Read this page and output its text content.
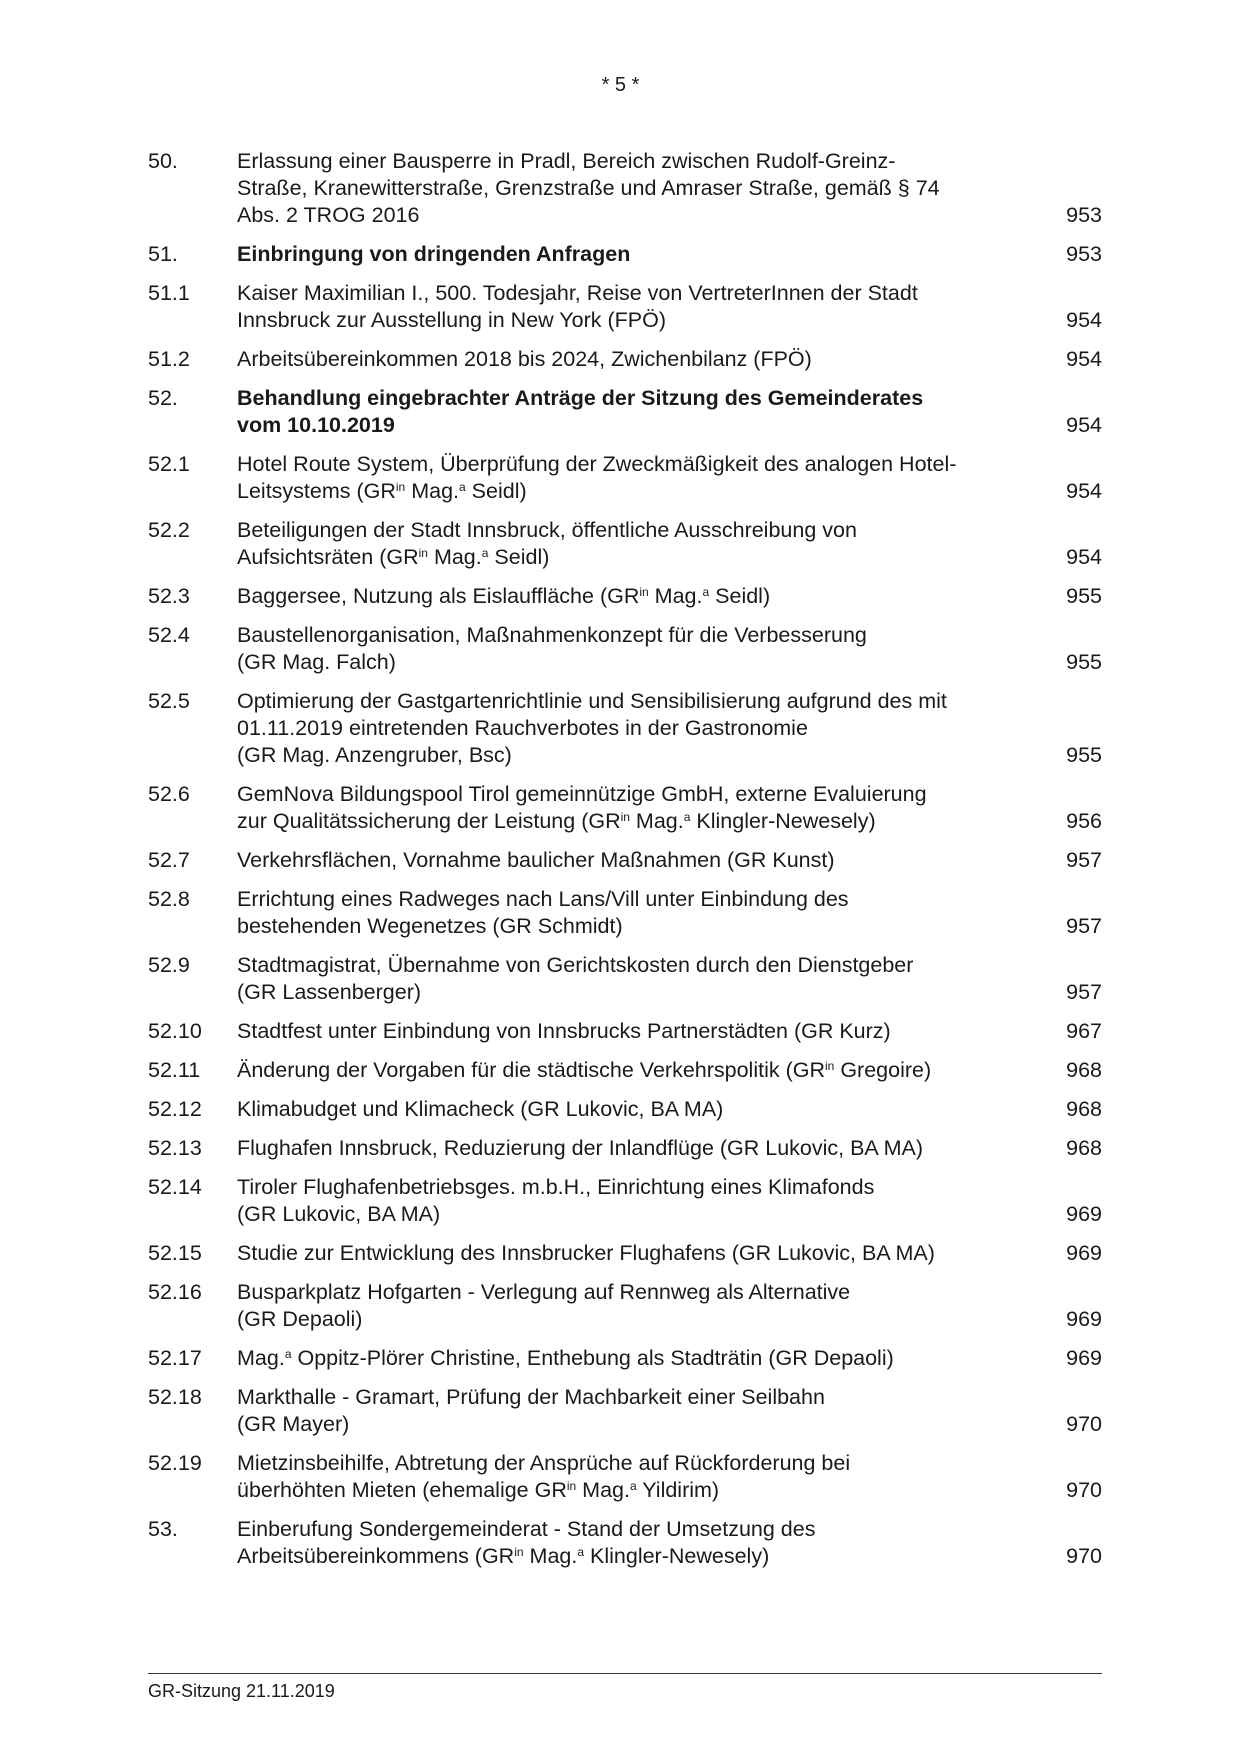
* 5 *
50.	Erlassung einer Bausperre in Pradl, Bereich zwischen Rudolf-Greinz-
Straße, Kranewitterstraße, Grenzstraße und Amraser Straße, gemäß § 74
Abs. 2 TROG 2016	953
51.	Einbringung von dringenden Anfragen	953
51.1	Kaiser Maximilian I., 500. Todesjahr, Reise von VertreterInnen der Stadt
Innsbruck zur Ausstellung in New York (FPÖ)	954
51.2	Arbeitsübereinkommen 2018 bis 2024, Zwichenbilanz (FPÖ)	954
52.	Behandlung eingebrachter Anträge der Sitzung des Gemeinderates
vom 10.10.2019	954
52.1	Hotel Route System, Überprüfung der Zweckmäßigkeit des analogen Hotel-
Leitsystems ($GR^{in}$ Mag.$^a$ Seidl)	954
52.2	Beteiligungen der Stadt Innsbruck, öffentliche Ausschreibung von
Aufsichtsräten ($GR^{in}$ Mag.$^a$ Seidl)	954
52.3	Baggersee, Nutzung als Eislauffläche ($GR^{in}$ Mag.$^a$ Seidl)	955
52.4	Baustellenorganisation, Maßnahmenkonzept für die Verbesserung
(GR Mag. Falch)	955
52.5	Optimierung der Gastgartenrichtlinie und Sensibilisierung aufgrund des mit
01.11.2019 eintretenden Rauchverbotes in der Gastronomie
(GR Mag. Anzengruber, Bsc)	955
52.6	GemNova Bildungspool Tirol gemeinnützige GmbH, externe Evaluierung
zur Qualitätssicherung der Leistung ($GR^{in}$ Mag.$^a$ Klingler-Newesely)	956
52.7	Verkehrsflächen, Vornahme baulicher Maßnahmen (GR Kunst)	957
52.8	Errichtung eines Radweges nach Lans/Vill unter Einbindung des
bestehenden Wegenetzes (GR Schmidt)	957
52.9	Stadtmagistrat, Übernahme von Gerichtskosten durch den Dienstgeber
(GR Lassenberger)	957
52.10	Stadtfest unter Einbindung von Innsbrucks Partnerstädten (GR Kurz)	967
52.11	Änderung der Vorgaben für die städtische Verkehrspolitik ($GR^{in}$ Gregoire)	968
52.12	Klimabudget und Klimacheck (GR Lukovic, BA MA)	968
52.13	Flughafen Innsbruck, Reduzierung der Inlandflüge (GR Lukovic, BA MA)	968
52.14	Tiroler Flughafenbetriebsges. m.b.H., Einrichtung eines Klimafonds
(GR Lukovic, BA MA)	969
52.15	Studie zur Entwicklung des Innsbrucker Flughafens (GR Lukovic, BA MA)	969
52.16	Busparkplatz Hofgarten - Verlegung auf Rennweg als Alternative
(GR Depaoli)	969
52.17	Mag.$^a$ Oppitz-Plörer Christine, Enthebung als Stadträtin (GR Depaoli)	969
52.18	Markthalle - Gramart, Prüfung der Machbarkeit einer Seilbahn
(GR Mayer)	970
52.19	Mietzinsbeihilfe, Abtretung der Ansprüche auf Rückforderung bei
überhöhten Mieten (ehemalige $GR^{in}$ Mag.$^a$ Yildirim)	970
53.	Einberufung Sondergemeinderat - Stand der Umsetzung des
Arbeitsübereinkommens ($GR^{in}$ Mag.$^a$ Klingler-Newesely)	970
GR-Sitzung 21.11.2019
